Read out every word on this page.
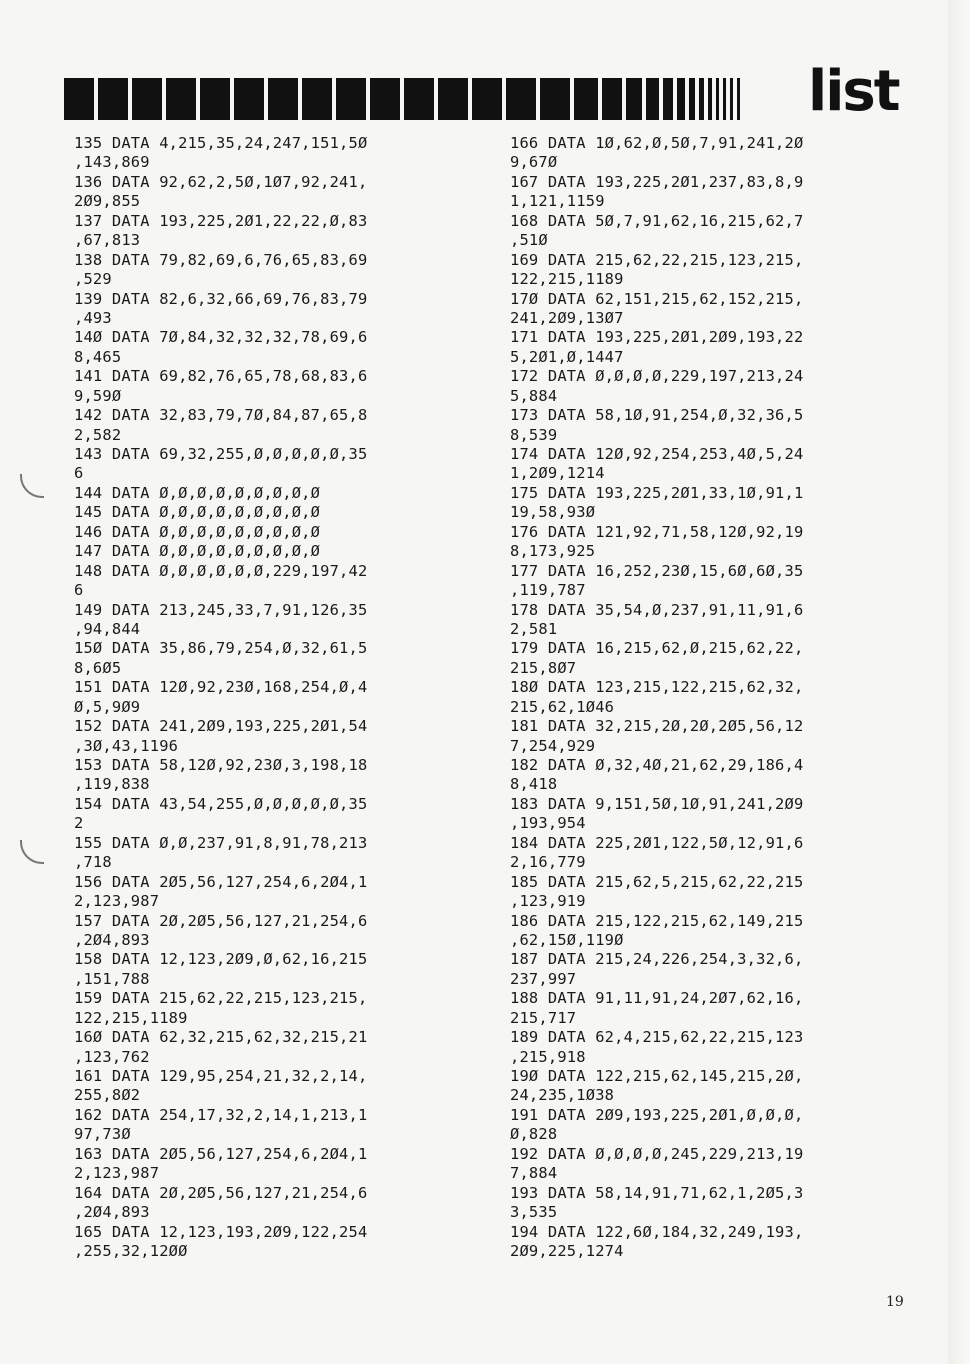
list
135 DATA 4,215,35,24,247,151,5Ø
,143,869
136 DATA 92,62,2,5Ø,1Ø7,92,241,
2Ø9,855
137 DATA 193,225,2Ø1,22,22,Ø,83
,67,813
138 DATA 79,82,69,6,76,65,83,69
,529
139 DATA 82,6,32,66,69,76,83,79
,493
14Ø DATA 7Ø,84,32,32,32,78,69,6
8,465
141 DATA 69,82,76,65,78,68,83,6
9,59Ø
142 DATA 32,83,79,7Ø,84,87,65,8
2,582
143 DATA 69,32,255,Ø,Ø,Ø,Ø,Ø,35
6
144 DATA Ø,Ø,Ø,Ø,Ø,Ø,Ø,Ø,Ø
145 DATA Ø,Ø,Ø,Ø,Ø,Ø,Ø,Ø,Ø
146 DATA Ø,Ø,Ø,Ø,Ø,Ø,Ø,Ø,Ø
147 DATA Ø,Ø,Ø,Ø,Ø,Ø,Ø,Ø,Ø
148 DATA Ø,Ø,Ø,Ø,Ø,Ø,229,197,42
6
149 DATA 213,245,33,7,91,126,35
,94,844
15Ø DATA 35,86,79,254,Ø,32,61,5
8,6Ø5
151 DATA 12Ø,92,23Ø,168,254,Ø,4
Ø,5,9Ø9
152 DATA 241,2Ø9,193,225,2Ø1,54
,3Ø,43,1196
153 DATA 58,12Ø,92,23Ø,3,198,18
,119,838
154 DATA 43,54,255,Ø,Ø,Ø,Ø,Ø,35
2
155 DATA Ø,Ø,237,91,8,91,78,213
,718
156 DATA 2Ø5,56,127,254,6,2Ø4,1
2,123,987
157 DATA 2Ø,2Ø5,56,127,21,254,6
,2Ø4,893
158 DATA 12,123,2Ø9,Ø,62,16,215
,151,788
159 DATA 215,62,22,215,123,215,
122,215,1189
16Ø DATA 62,32,215,62,32,215,21
,123,762
161 DATA 129,95,254,21,32,2,14,
255,8Ø2
162 DATA 254,17,32,2,14,1,213,1
97,73Ø
163 DATA 2Ø5,56,127,254,6,2Ø4,1
2,123,987
164 DATA 2Ø,2Ø5,56,127,21,254,6
,2Ø4,893
165 DATA 12,123,193,2Ø9,122,254
,255,32,12ØØ
166 DATA 1Ø,62,Ø,5Ø,7,91,241,2Ø
9,67Ø
167 DATA 193,225,2Ø1,237,83,8,9
1,121,1159
168 DATA 5Ø,7,91,62,16,215,62,7
,51Ø
169 DATA 215,62,22,215,123,215,
122,215,1189
17Ø DATA 62,151,215,62,152,215,
241,2Ø9,13Ø7
171 DATA 193,225,2Ø1,2Ø9,193,22
5,2Ø1,Ø,1447
172 DATA Ø,Ø,Ø,Ø,229,197,213,24
5,884
173 DATA 58,1Ø,91,254,Ø,32,36,5
8,539
174 DATA 12Ø,92,254,253,4Ø,5,24
1,2Ø9,1214
175 DATA 193,225,2Ø1,33,1Ø,91,1
19,58,93Ø
176 DATA 121,92,71,58,12Ø,92,19
8,173,925
177 DATA 16,252,23Ø,15,6Ø,6Ø,35
,119,787
178 DATA 35,54,Ø,237,91,11,91,6
2,581
179 DATA 16,215,62,Ø,215,62,22,
215,8Ø7
18Ø DATA 123,215,122,215,62,32,
215,62,1Ø46
181 DATA 32,215,2Ø,2Ø,2Ø5,56,12
7,254,929
182 DATA Ø,32,4Ø,21,62,29,186,4
8,418
183 DATA 9,151,5Ø,1Ø,91,241,2Ø9
,193,954
184 DATA 225,2Ø1,122,5Ø,12,91,6
2,16,779
185 DATA 215,62,5,215,62,22,215
,123,919
186 DATA 215,122,215,62,149,215
,62,15Ø,119Ø
187 DATA 215,24,226,254,3,32,6,
237,997
188 DATA 91,11,91,24,2Ø7,62,16,
215,717
189 DATA 62,4,215,62,22,215,123
,215,918
19Ø DATA 122,215,62,145,215,2Ø,
24,235,1Ø38
191 DATA 2Ø9,193,225,2Ø1,Ø,Ø,Ø,
Ø,828
192 DATA Ø,Ø,Ø,Ø,245,229,213,19
7,884
193 DATA 58,14,91,71,62,1,2Ø5,3
3,535
194 DATA 122,6Ø,184,32,249,193,
2Ø9,225,1274
19
